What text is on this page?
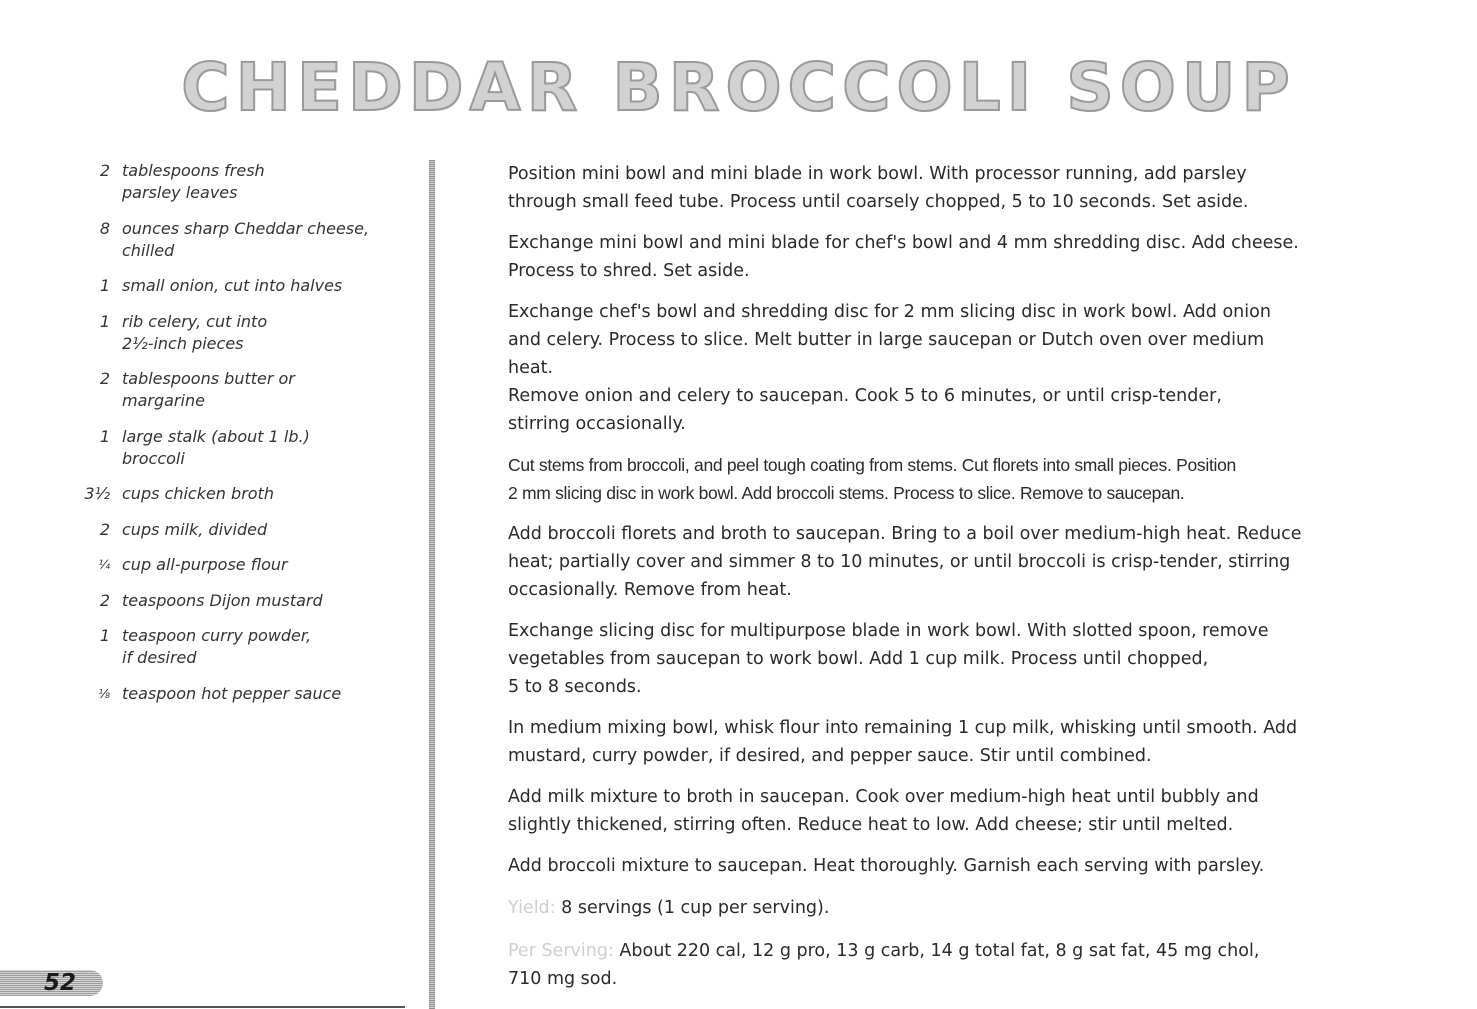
CHEDDAR BROCCOLI SOUP
2 tablespoons fresh
parsley leaves
8 ounces sharp Cheddar cheese,
chilled
1 small onion, cut into halves
1 rib celery, cut into
2½-inch pieces
2 tablespoons butter or
margarine
1 large stalk (about 1 lb.)
broccoli
3½ cups chicken broth
2 cups milk, divided
¼ cup all-purpose flour
2 teaspoons Dijon mustard
1 teaspoon curry powder,
if desired
⅛ teaspoon hot pepper sauce

Position mini bowl and mini blade in work bowl. With processor running, add parsley
through small feed tube. Process until coarsely chopped, 5 to 10 seconds. Set aside.

Exchange mini bowl and mini blade for chef's bowl and 4 mm shredding disc. Add cheese.
Process to shred. Set aside.

Exchange chef's bowl and shredding disc for 2 mm slicing disc in work bowl. Add onion
and celery. Process to slice. Melt butter in large saucepan or Dutch oven over medium heat.
Remove onion and celery to saucepan. Cook 5 to 6 minutes, or until crisp-tender,
stirring occasionally.

Cut stems from broccoli, and peel tough coating from stems. Cut florets into small pieces. Position
2 mm slicing disc in work bowl. Add broccoli stems. Process to slice. Remove to saucepan.

Add broccoli florets and broth to saucepan. Bring to a boil over medium-high heat. Reduce
heat; partially cover and simmer 8 to 10 minutes, or until broccoli is crisp-tender, stirring
occasionally. Remove from heat.

Exchange slicing disc for multipurpose blade in work bowl. With slotted spoon, remove
vegetables from saucepan to work bowl. Add 1 cup milk. Process until chopped,
5 to 8 seconds.

In medium mixing bowl, whisk flour into remaining 1 cup milk, whisking until smooth. Add
mustard, curry powder, if desired, and pepper sauce. Stir until combined.

Add milk mixture to broth in saucepan. Cook over medium-high heat until bubbly and
slightly thickened, stirring often. Reduce heat to low. Add cheese; stir until melted.

Add broccoli mixture to saucepan. Heat thoroughly. Garnish each serving with parsley.

Yield: 8 servings (1 cup per serving).
Per Serving: About 220 cal, 12 g pro, 13 g carb, 14 g total fat, 8 g sat fat, 45 mg chol,
710 mg sod.
52
